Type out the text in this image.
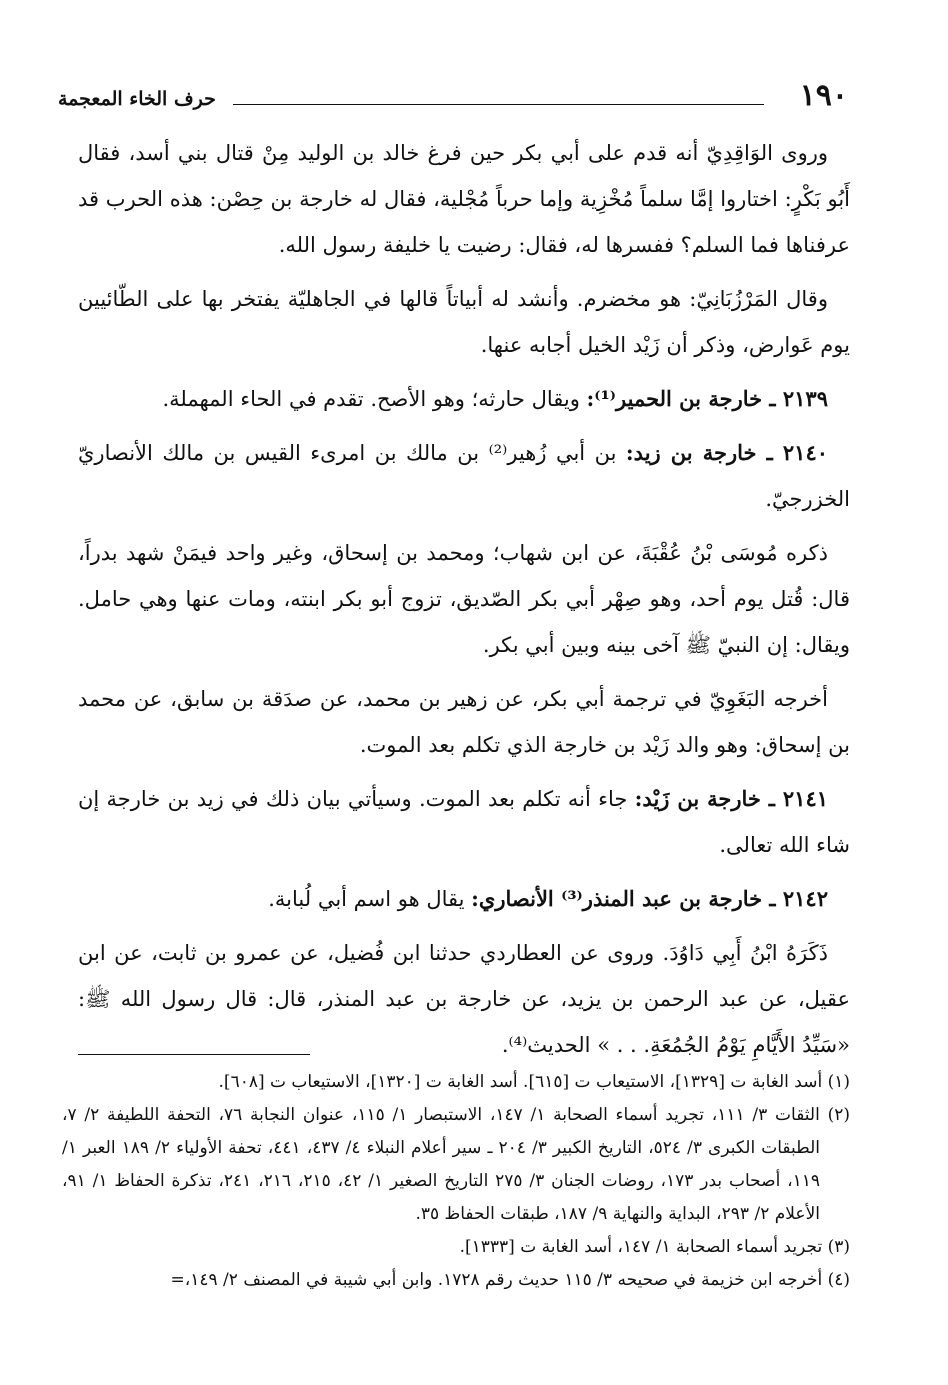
١٩٠
حرف الخاء المعجمة

وروى الوَاقِدِيّ أنه قدم على أبي بكر حين فرغ خالد بن الوليد مِنْ قتال بني أسد، فقال أَبُو بَكْرٍ: اختاروا إمَّا سلماً مُخْزِية وإما حرباً مُجْلية، فقال له خارجة بن حِصْن: هذه الحرب قد عرفناها فما السلم؟ ففسرها له، فقال: رضيت يا خليفة رسول الله.

وقال المَرْزُبَانِيّ: هو مخضرم. وأنشد له أبياتاً قالها في الجاهليّة يفتخر بها على الطّائيين يوم عَوارض، وذكر أن زَيْد الخيل أجابه عنها.

٢١٣٩ ـ خارجة بن الحمير⁽¹⁾: ويقال حارثه؛ وهو الأصح. تقدم في الحاء المهملة.

٢١٤٠ ـ خارجة بن زيد: بن أبي زُهير⁽²⁾ بن مالك بن امرىء القيس بن مالك الأنصاريّ الخزرجيّ.

ذكره مُوسَى بْنُ عُقْبَةَ، عن ابن شهاب؛ ومحمد بن إسحاق، وغير واحد فيمَنْ شهد بدراً، قال: قُتل يوم أحد، وهو صِهْر أبي بكر الصّديق، تزوج أبو بكر ابنته، ومات عنها وهي حامل. ويقال: إن النبيّ ﷺ آخى بينه وبين أبي بكر.

أخرجه البَغَوِيّ في ترجمة أبي بكر، عن زهير بن محمد، عن صدَقة بن سابق، عن محمد بن إسحاق: وهو والد زَيْد بن خارجة الذي تكلم بعد الموت.

٢١٤١ ـ خارجة بن زَيْد: جاء أنه تكلم بعد الموت. وسيأتي بيان ذلك في زيد بن خارجة إن شاء الله تعالى.

٢١٤٢ ـ خارجة بن عبد المنذر⁽³⁾ الأنصاري: يقال هو اسم أبي لُبابة.

ذَكَرَهُ ابْنُ أَبِي دَاوُدَ. وروى عن العطاردي حدثنا ابن فُضيل، عن عمرو بن ثابت، عن ابن عقيل، عن عبد الرحمن بن يزيد، عن خارجة بن عبد المنذر، قال: قال رسول الله ﷺ: «سَيِّدُ الأَيَّامِ يَوْمُ الجُمُعَةِ. . . » الحديث⁽⁴⁾.

(١) أسد الغابة ت [١٣٢٩]، الاستيعاب ت [٦١٥]. أسد الغابة ت [١٣٢٠]، الاستيعاب ت [٦٠٨].

(٢) الثقات ٣/ ١١١، تجريد أسماء الصحابة ١/ ١٤٧، الاستبصار ١/ ١١٥، عنوان النجابة ٧٦، التحفة اللطيفة ٢/ ٧، الطبقات الكبرى ٣/ ٥٢٤، التاريخ الكبير ٣/ ٢٠٤ ـ سير أعلام النبلاء ٤/ ٤٣٧، ٤٤١، تحفة الأولياء ٢/ ١٨٩ العبر ١/ ١١٩، أصحاب بدر ١٧٣، روضات الجنان ٣/ ٢٧٥ التاريخ الصغير ١/ ٤٢، ٢١٥، ٢١٦، ٢٤١، تذكرة الحفاظ ١/ ٩١، الأعلام ٢/ ٢٩٣، البداية والنهاية ٩/ ١٨٧، طبقات الحفاظ ٣٥.

(٣) تجريد أسماء الصحابة ١/ ١٤٧، أسد الغابة ت [١٣٣٣].

(٤) أخرجه ابن خزيمة في صحيحه ٣/ ١١٥ حديث رقم ١٧٢٨. وابن أبي شيبة في المصنف ٢/ ١٤٩،=
